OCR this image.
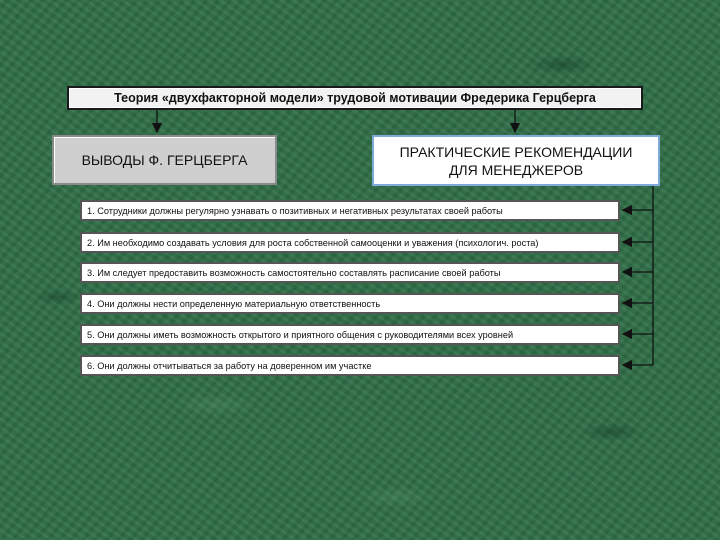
Теория «двухфакторной модели» трудовой мотивации Фредерика Герцберга
ВЫВОДЫ Ф. ГЕРЦБЕРГА
ПРАКТИЧЕСКИЕ РЕКОМЕНДАЦИИ
ДЛЯ МЕНЕДЖЕРОВ
1. Сотрудники должны регулярно узнавать о позитивных и негативных результатах своей работы
2. Им необходимо создавать условия для роста собственной самооценки и уважения (психологич. роста)
3. Им следует предоставить возможность самостоятельно составлять расписание своей работы
4. Они должны нести определенную материальную ответственность
5. Они должны иметь возможность открытого и приятного общения с руководителями всех уровней
6. Они должны отчитываться за работу на доверенном им участке
